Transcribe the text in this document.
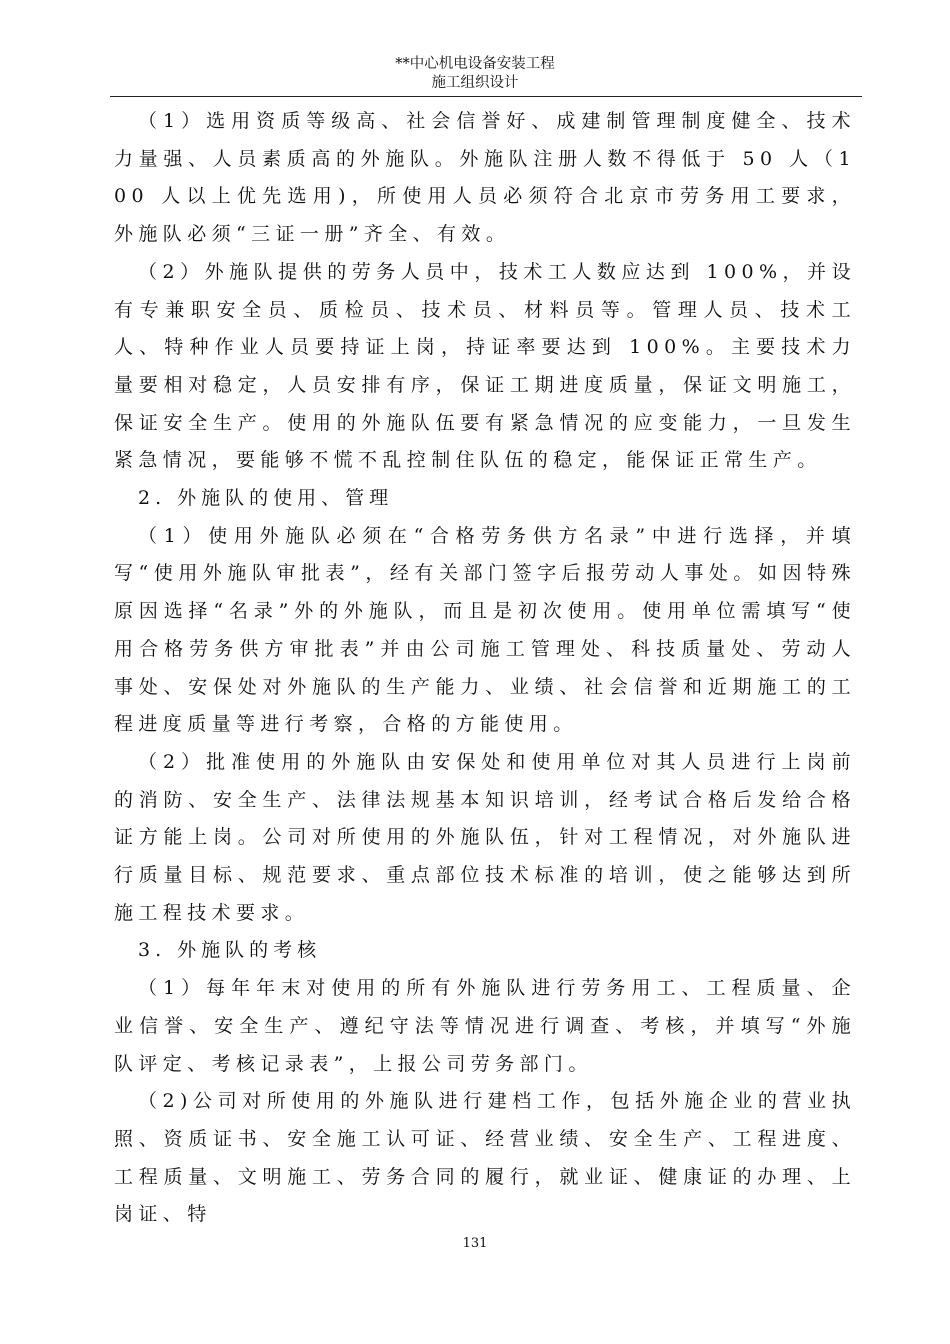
**中心机电设备安装工程
施工组织设计

（1）选用资质等级高、社会信誉好、成建制管理制度健全、技术力量强、人员素质高的外施队。外施队注册人数不得低于 50 人（100 人以上优先选用)，所使用人员必须符合北京市劳务用工要求，外施队必须“三证一册”齐全、有效。

（2）外施队提供的劳务人员中，技术工人数应达到 100%，并设有专兼职安全员、质检员、技术员、材料员等。管理人员、技术工人、特种作业人员要持证上岗，持证率要达到 100%。主要技术力量要相对稳定，人员安排有序，保证工期进度质量，保证文明施工，保证安全生产。使用的外施队伍要有紧急情况的应变能力，一旦发生紧急情况，要能够不慌不乱控制住队伍的稳定，能保证正常生产。

2. 外施队的使用、管理

（1）使用外施队必须在“合格劳务供方名录”中进行选择，并填写“使用外施队审批表”，经有关部门签字后报劳动人事处。如因特殊原因选择“名录”外的外施队，而且是初次使用。使用单位需填写“使用合格劳务供方审批表”并由公司施工管理处、科技质量处、劳动人事处、安保处对外施队的生产能力、业绩、社会信誉和近期施工的工程进度质量等进行考察，合格的方能使用。

（2）批准使用的外施队由安保处和使用单位对其人员进行上岗前的消防、安全生产、法律法规基本知识培训，经考试合格后发给合格证方能上岗。公司对所使用的外施队伍，针对工程情况，对外施队进行质量目标、规范要求、重点部位技术标准的培训，使之能够达到所施工程技术要求。

3. 外施队的考核

（1）每年年末对使用的所有外施队进行劳务用工、工程质量、企业信誉、安全生产、遵纪守法等情况进行调查、考核，并填写“外施队评定、考核记录表”，上报公司劳务部门。

（2)公司对所使用的外施队进行建档工作，包括外施企业的营业执照、资质证书、安全施工认可证、经营业绩、安全生产、工程进度、工程质量、文明施工、劳务合同的履行，就业证、健康证的办理、上岗证、特

131
